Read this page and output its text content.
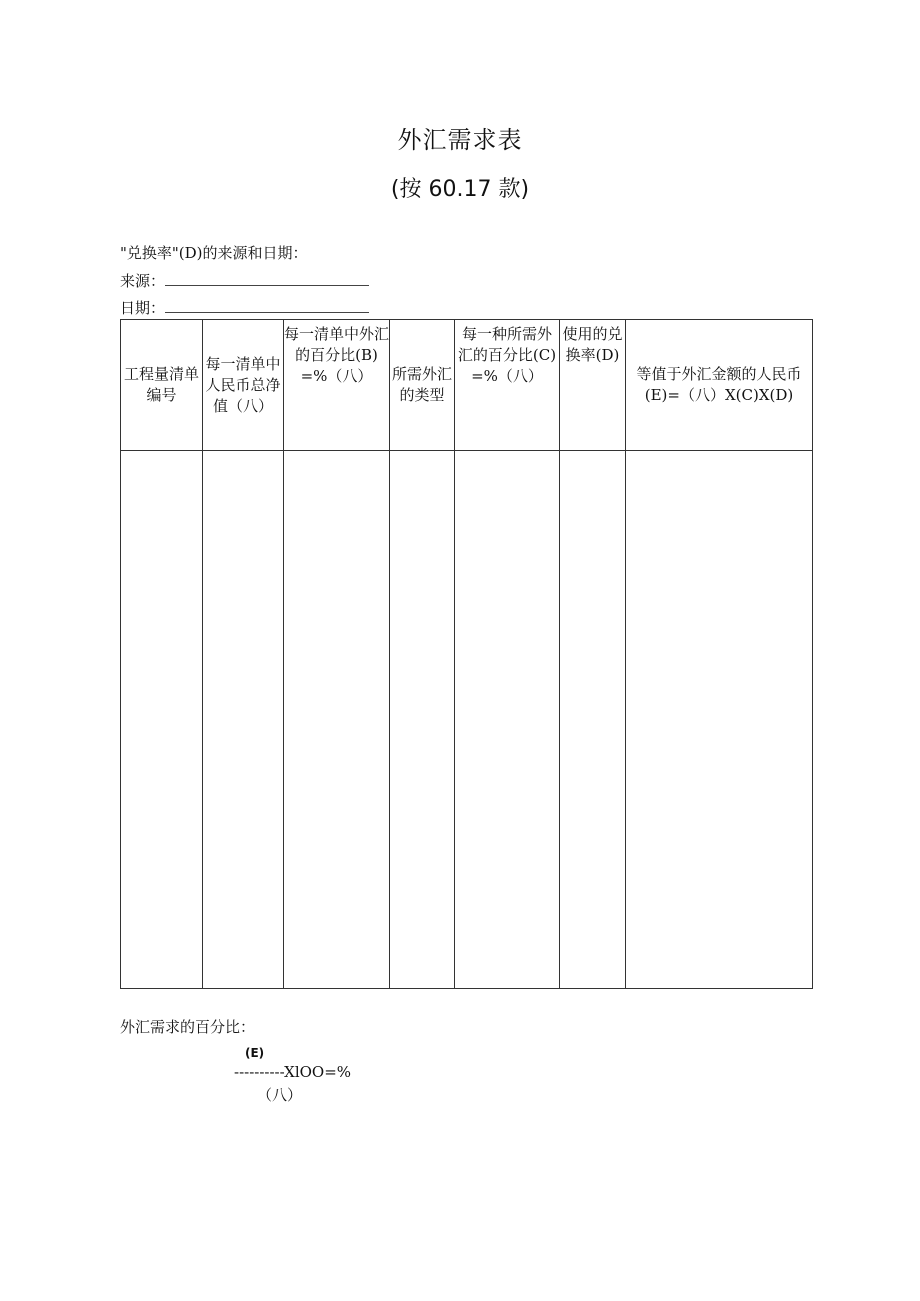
外汇需求表
(按 60.17 款)
"兑换率"(D)的来源和日期：
来源：
日期：
工程量清单编号	每一清单中人民币总净值（八）	每一清单中外汇的百分比(B)=%（八）	所需外汇的类型	每一种所需外汇的百分比(C)=%（八）	使用的兑换率(D)	等值于外汇金额的人民币(E)=（八）X(C)X(D)

外汇需求的百分比：
(E)
----------XlOO=%
（八）
